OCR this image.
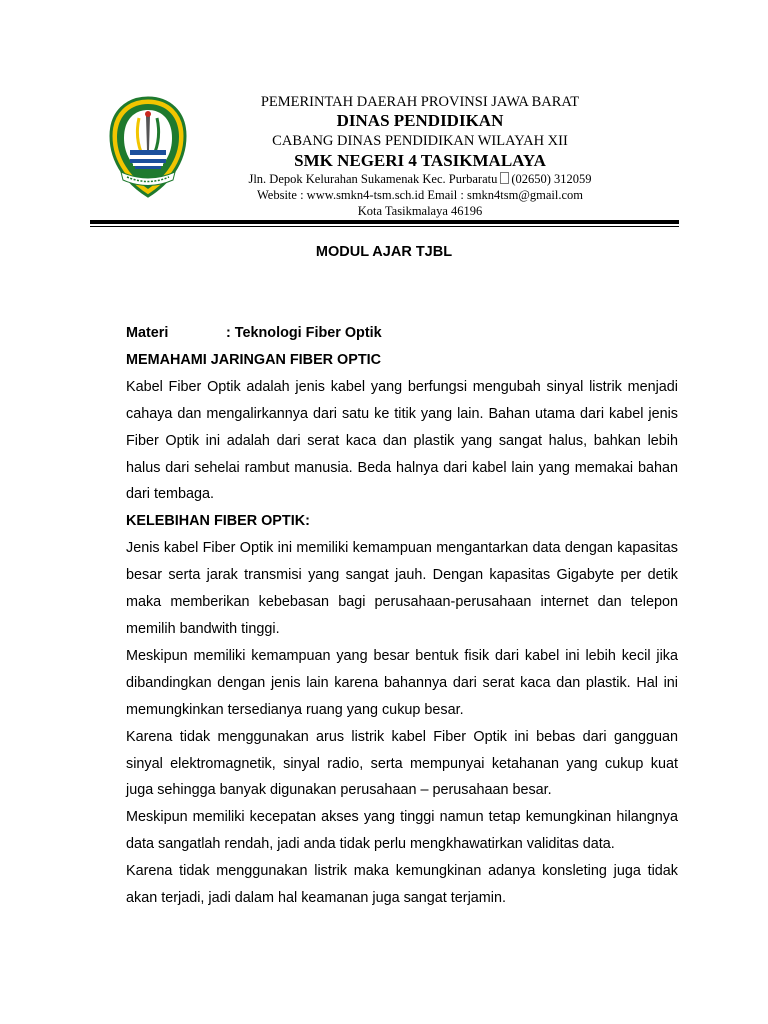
PEMERINTAH DAERAH PROVINSI JAWA BARAT
DINAS PENDIDIKAN
CABANG DINAS PENDIDIKAN WILAYAH XII
SMK NEGERI 4 TASIKMALAYA
Jln. Depok Kelurahan Sukamenak Kec. Purbaratu (02650) 312059
Website : www.smkn4-tsm.sch.id Email : smkn4tsm@gmail.com
Kota Tasikmalaya 46196
MODUL AJAR TJBL
Materi	: Teknologi Fiber Optik
MEMAHAMI JARINGAN FIBER OPTIC

Kabel Fiber Optik adalah jenis kabel yang berfungsi mengubah sinyal listrik menjadi cahaya dan mengalirkannya dari satu ke titik yang lain. Bahan utama dari kabel jenis Fiber Optik ini adalah dari serat kaca dan plastik yang sangat halus, bahkan lebih halus dari sehelai rambut manusia. Beda halnya dari kabel lain yang memakai bahan dari tembaga.

KELEBIHAN FIBER OPTIK:

Jenis kabel Fiber Optik ini memiliki kemampuan mengantarkan data dengan kapasitas besar serta jarak transmisi yang sangat jauh. Dengan kapasitas Gigabyte per detik maka memberikan kebebasan bagi perusahaan-perusahaan internet dan telepon memilih bandwith tinggi.

Meskipun memiliki kemampuan yang besar bentuk fisik dari kabel ini lebih kecil jika dibandingkan dengan jenis lain karena bahannya dari serat kaca dan plastik. Hal ini memungkinkan tersedianya ruang yang cukup besar.

Karena tidak menggunakan arus listrik kabel Fiber Optik ini bebas dari gangguan sinyal elektromagnetik, sinyal radio, serta mempunyai ketahanan yang cukup kuat juga sehingga banyak digunakan perusahaan – perusahaan besar.

Meskipun memiliki kecepatan akses yang tinggi namun tetap kemungkinan hilangnya data sangatlah rendah, jadi anda tidak perlu mengkhawatirkan validitas data.

Karena tidak menggunakan listrik maka kemungkinan adanya konsleting juga tidak akan terjadi, jadi dalam hal keamanan juga sangat terjamin.
